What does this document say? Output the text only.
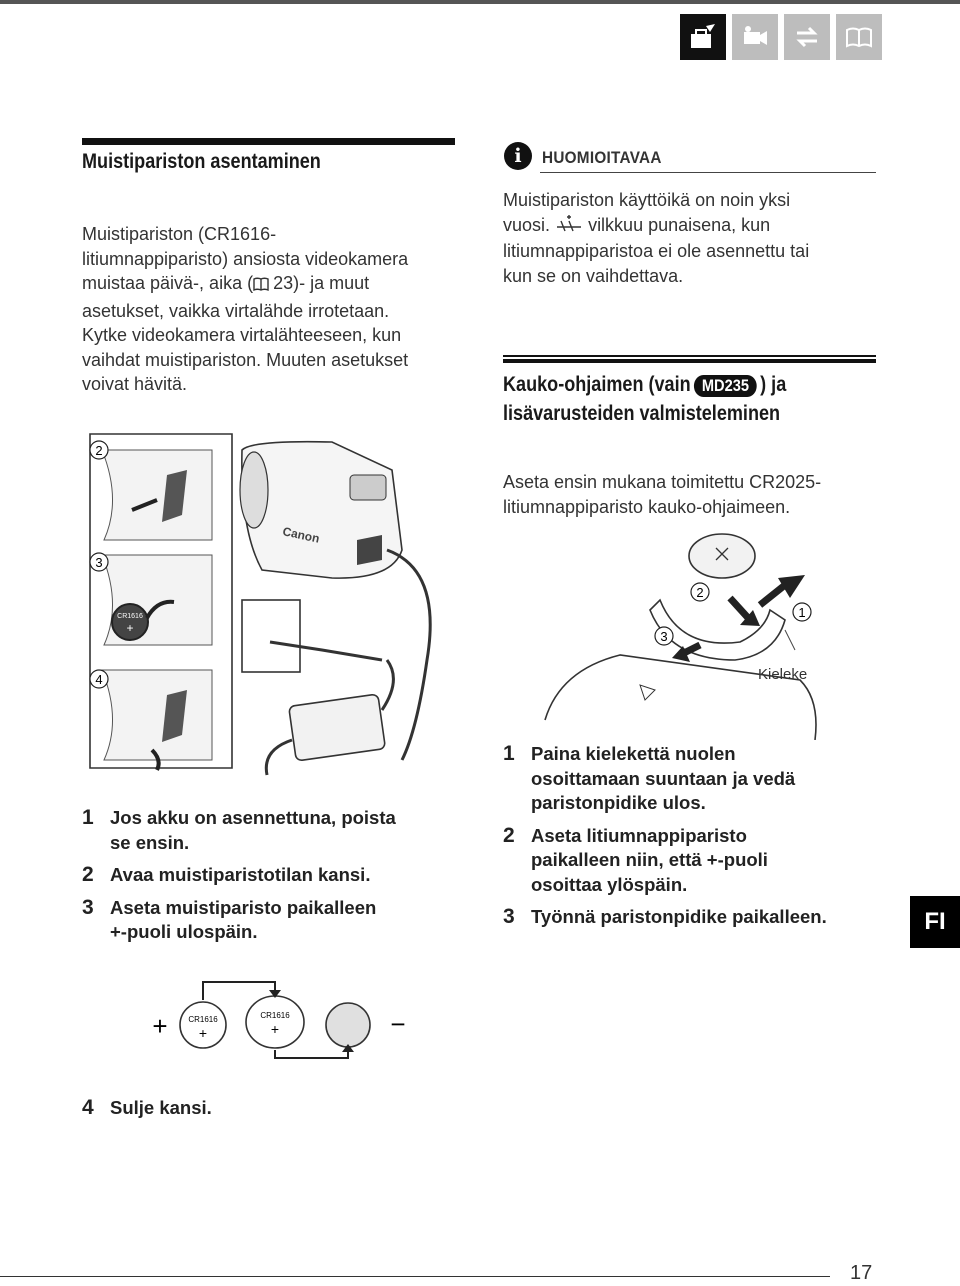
Muistipariston asentaminen
Muistipariston (CR1616-
litiumnappiparisto) ansiosta videokamera
muistaa päivä-, aika ( 23)- ja muut
asetukset, vaikka virtalähde irrotetaan.
Kytke videokamera virtalähteeseen, kun
vaihdat muistipariston. Muuten asetukset
voivat hävitä.
2
CR1616
+
3
4
Canon
1 Jos akku on asennettuna, poista
se ensin.
2 Avaa muistiparistotilan kansi.
3 Aseta muistiparisto paikalleen
+-puoli ulospäin.
+	CR1616
+
CR1616
+	−
4 Sulje kansi.
i	HUOMIOITAVAA
Muistipariston käyttöikä on noin yksi
vuosi. vilkkuu punaisena, kun
litiumnappiparistoa ei ole asennettu tai
kun se on vaihdettava.
Kauko-ohjaimen (vain MD235 ) ja
lisävarusteiden valmisteleminen
Aseta ensin mukana toimitettu CR2025-
litiumnappiparisto kauko-ohjaimeen.
1
2
3
Kieleke
1 Paina kielekettä nuolen
osoittamaan suuntaan ja vedä
paristonpidike ulos.
2 Aseta litiumnappiparisto
paikalleen niin, että +-puoli
osoittaa ylöspäin.
3 Työnnä paristonpidike paikalleen.	FI
17
